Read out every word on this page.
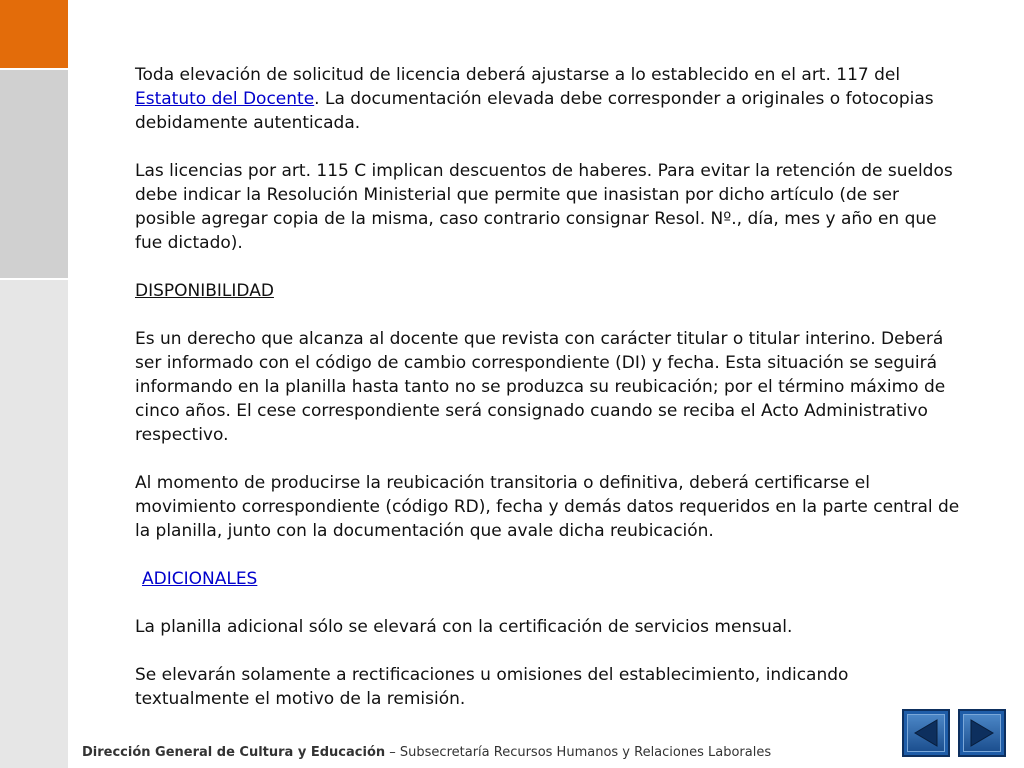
Toda elevación de solicitud de licencia deberá ajustarse a lo establecido en el art. 117 del Estatuto del Docente. La documentación elevada debe corresponder a originales o fotocopias debidamente autenticada.

Las licencias por art. 115 C implican descuentos de haberes. Para evitar la retención de sueldos debe indicar la Resolución Ministerial que permite que inasistan por dicho artículo (de ser posible agregar copia de la misma, caso contrario consignar Resol. Nº., día, mes y año en que fue dictado).

DISPONIBILIDAD

Es un derecho que alcanza al docente que revista con carácter titular o titular interino. Deberá ser informado con el código de cambio correspondiente (DI) y fecha. Esta situación se seguirá informando en la planilla hasta tanto no se produzca su reubicación; por el término máximo de cinco años. El cese correspondiente será consignado cuando se reciba el Acto Administrativo respectivo.

Al momento de producirse la reubicación transitoria o definitiva, deberá certificarse el movimiento correspondiente (código RD), fecha y demás datos requeridos en la parte central de la planilla, junto con la documentación que avale dicha reubicación.

ADICIONALES

La planilla adicional sólo se elevará con la certificación de servicios mensual.

Se elevarán solamente a rectificaciones u omisiones del establecimiento, indicando textualmente el motivo de la remisión.

Dirección General de Cultura y Educación – Subsecretaría Recursos Humanos y Relaciones Laborales
